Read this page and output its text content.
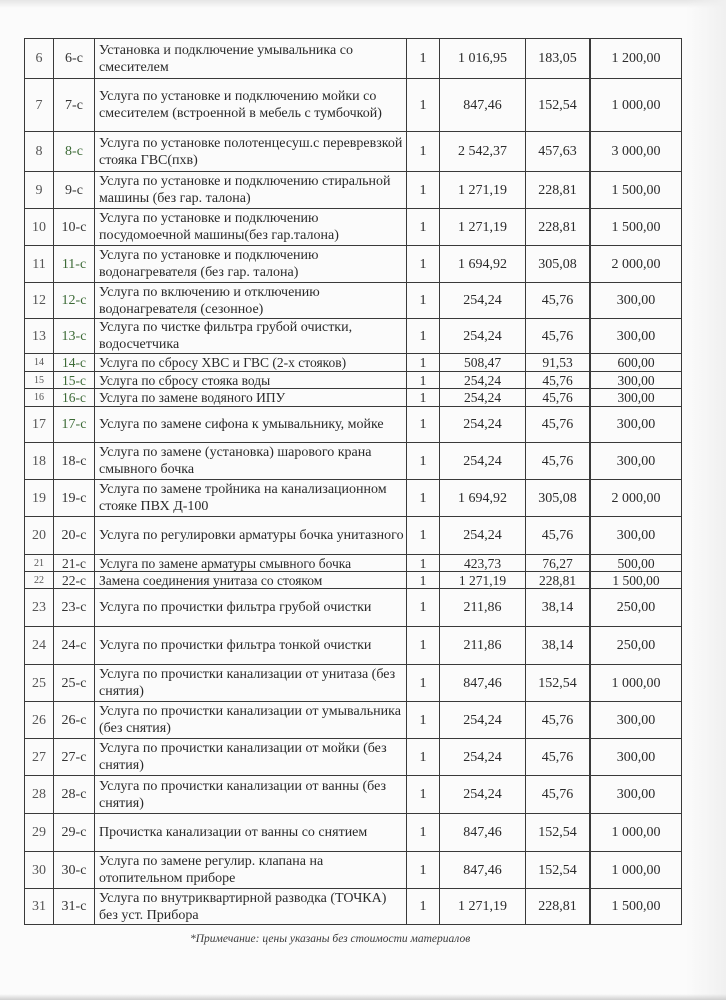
6	6-с	Установка и подключение умывальника со смесителем	1	1 016,95	183,05	1 200,00
7	7-с	Услуга по установке и подключению мойки со смесителем (встроенной в мебель с тумбочкой)	1	847,46	152,54	1 000,00
8	8-с	Услуга по установке полотенцесуш.с перевревзкой стояка ГВС(пхв)	1	2 542,37	457,63	3 000,00
9	9-с	Услуга по установке и подключению стиральной машины (без гар. талона)	1	1 271,19	228,81	1 500,00
10	10-с	Услуга по установке и подключению посудомоечной машины(без гар.талона)	1	1 271,19	228,81	1 500,00
11	11-с	Услуга по установке и подключению водонагревателя (без гар. талона)	1	1 694,92	305,08	2 000,00
12	12-с	Услуга по включению и отключению водонагревателя (сезонное)	1	254,24	45,76	300,00
13	13-с	Услуга по чистке фильтра грубой очистки, водосчетчика	1	254,24	45,76	300,00
14	14-с	Услуга по сбросу ХВС и ГВС (2-х стояков)	1	508,47	91,53	600,00
15	15-с	Услуга по сбросу стояка воды	1	254,24	45,76	300,00
16	16-с	Услуга по замене водяного ИПУ	1	254,24	45,76	300,00
17	17-с	Услуга по замене сифона к умывальнику, мойке	1	254,24	45,76	300,00
18	18-с	Услуга по замене (установка) шарового крана смывного бочка	1	254,24	45,76	300,00
19	19-с	Услуга по замене тройника на канализационном стояке ПВХ Д-100	1	1 694,92	305,08	2 000,00
20	20-с	Услуга по регулировки арматуры бочка унитазного	1	254,24	45,76	300,00
21	21-с	Услуга по замене арматуры смывного бочка	1	423,73	76,27	500,00
22	22-с	Замена соединения унитаза со стояком	1	1 271,19	228,81	1 500,00
23	23-с	Услуга по прочистки фильтра грубой очистки	1	211,86	38,14	250,00
24	24-с	Услуга по прочистки фильтра тонкой очистки	1	211,86	38,14	250,00
25	25-с	Услуга по прочистки канализации от унитаза (без снятия)	1	847,46	152,54	1 000,00
26	26-с	Услуга по прочистки канализации от умывальника (без снятия)	1	254,24	45,76	300,00
27	27-с	Услуга по прочистки канализации от мойки (без снятия)	1	254,24	45,76	300,00
28	28-с	Услуга по прочистки канализации от ванны (без снятия)	1	254,24	45,76	300,00
29	29-с	Прочистка канализации от ванны со снятием	1	847,46	152,54	1 000,00
30	30-с	Услуга по замене регулир. клапана на отопительном приборе	1	847,46	152,54	1 000,00
31	31-с	Услуга по внутриквартирной разводка (ТОЧКА) без уст. Прибора	1	1 271,19	228,81	1 500,00
*Примечание: цены указаны без стоимости материалов
